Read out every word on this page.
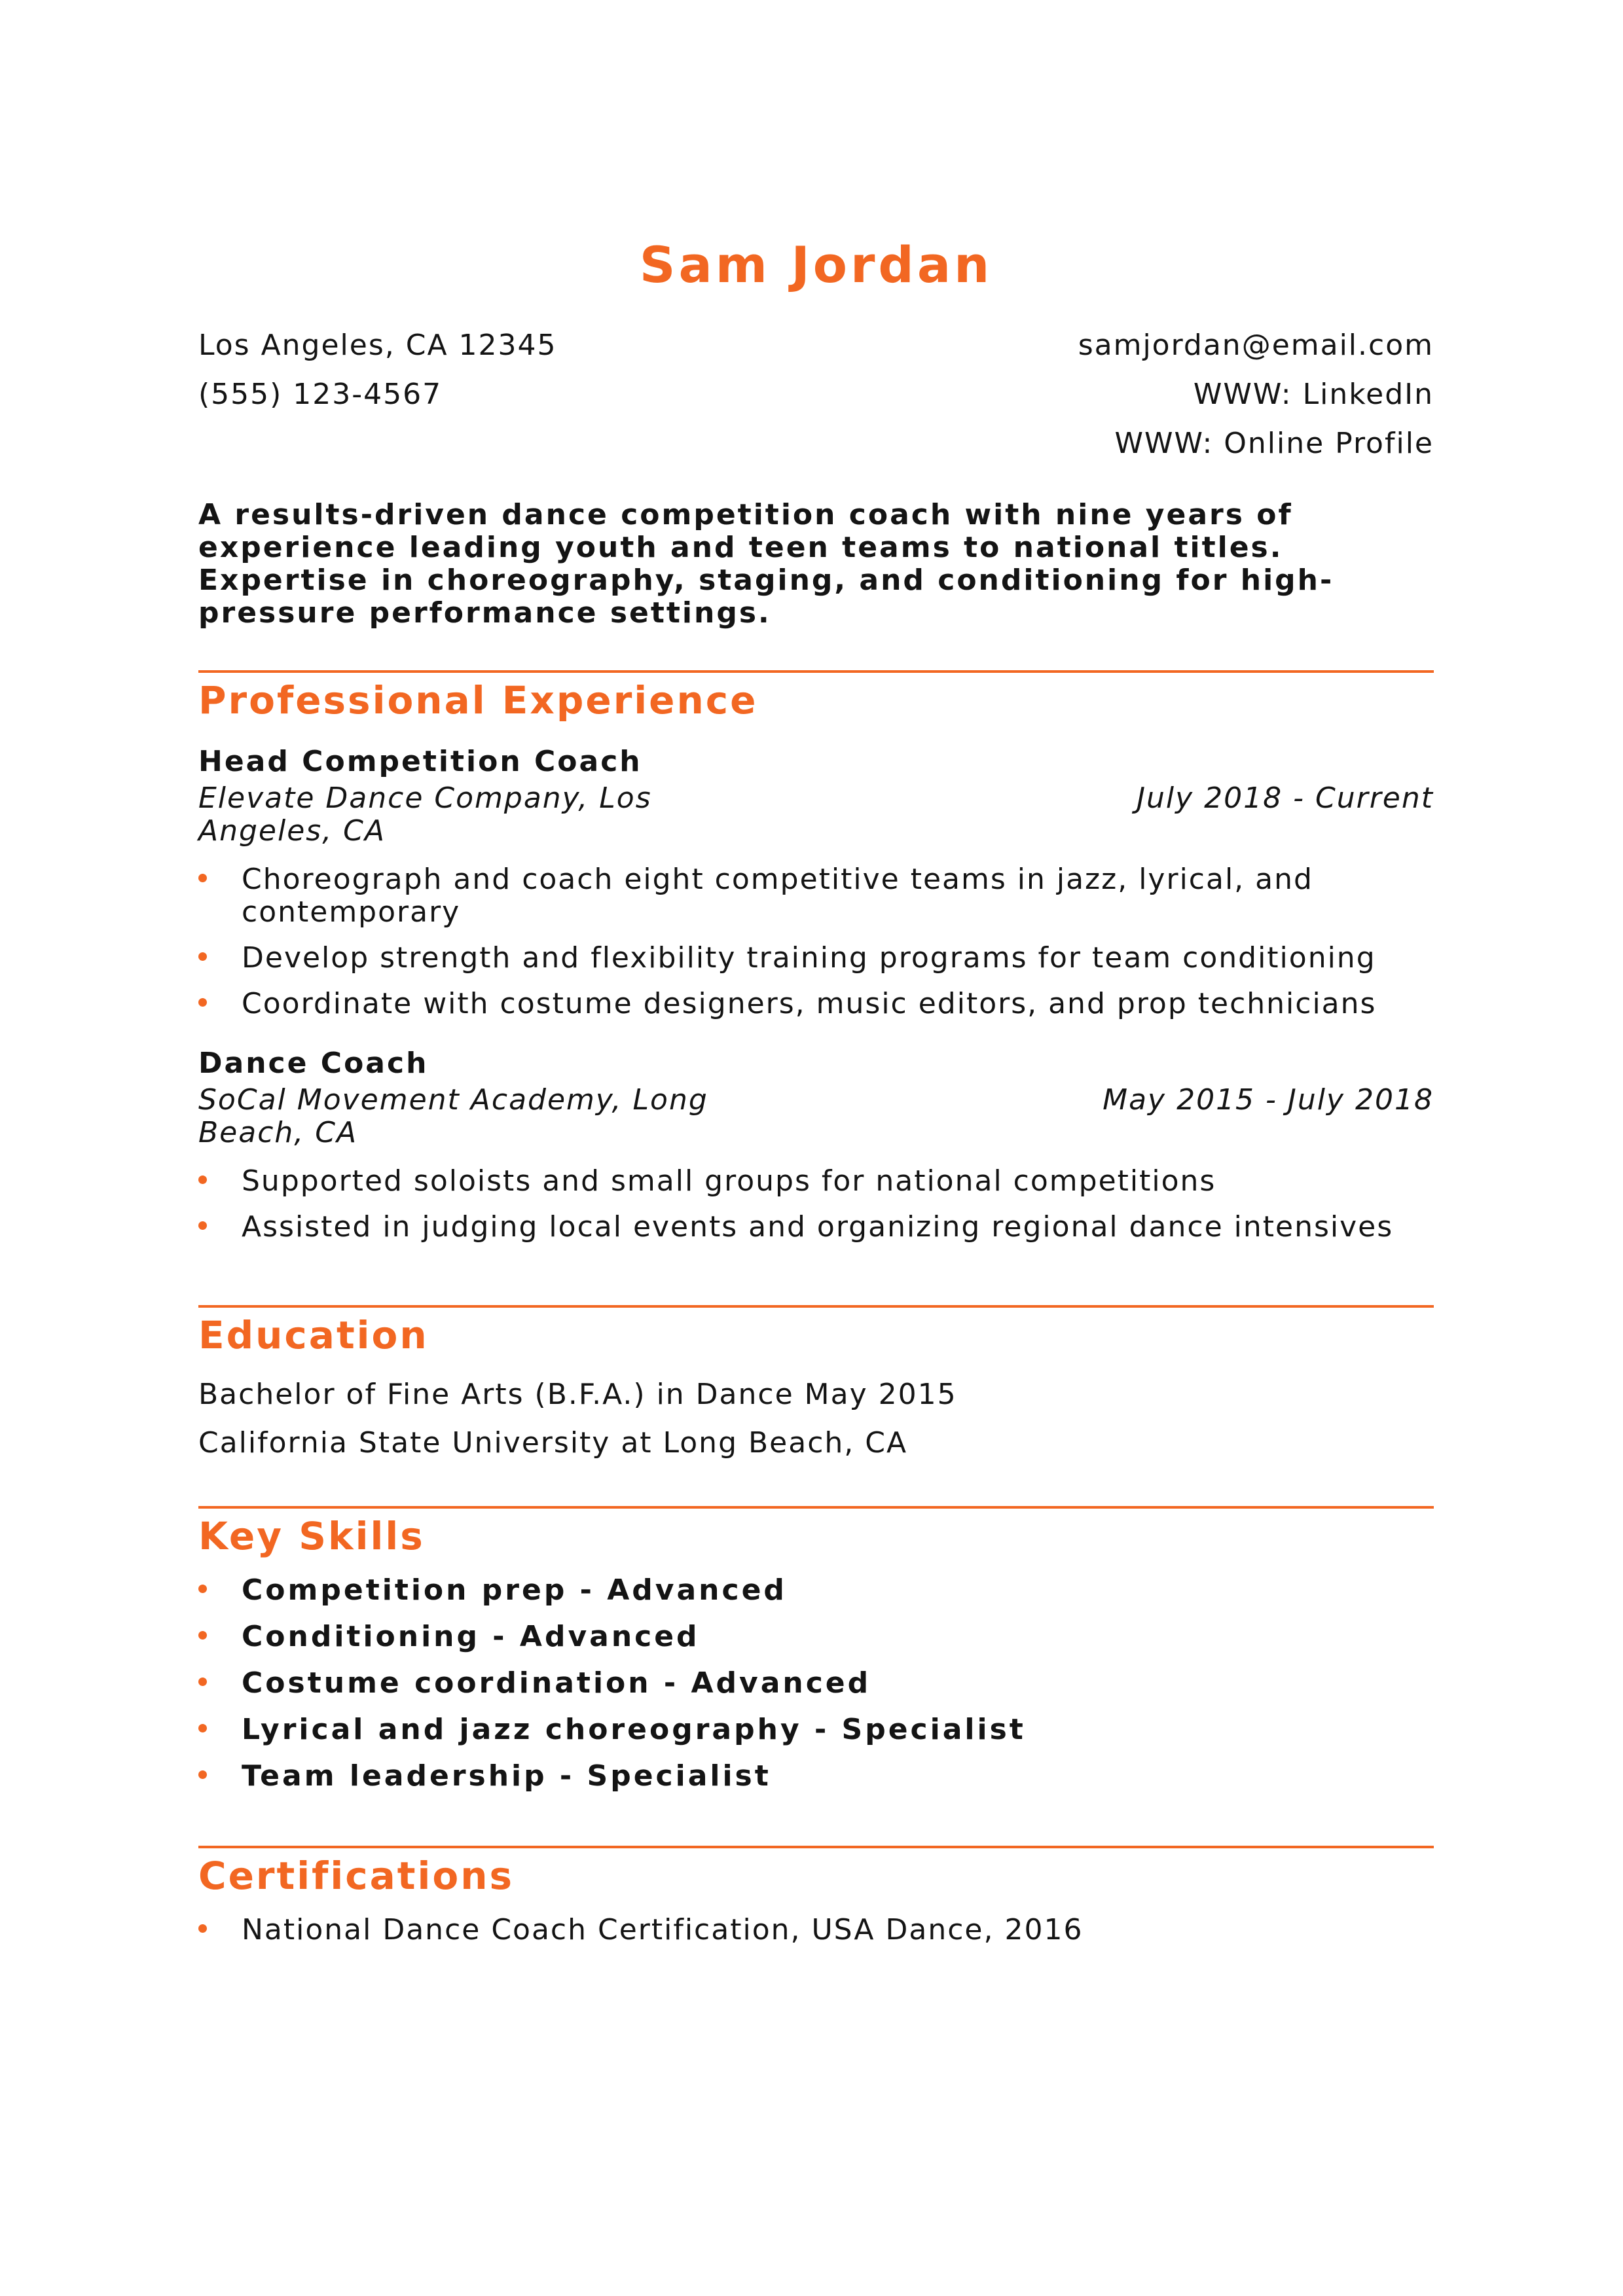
Sam Jordan
Los Angeles, CA 12345
(555) 123-4567
samjordan@email.com
WWW: LinkedIn
WWW: Online Profile
A results-driven dance competition coach with nine years of experience leading youth and teen teams to national titles. Expertise in choreography, staging, and conditioning for high-pressure performance settings.
Professional Experience
Head Competition Coach
Elevate Dance Company, Los Angeles, CA
July 2018 - Current
Choreograph and coach eight competitive teams in jazz, lyrical, and contemporary
Develop strength and flexibility training programs for team conditioning
Coordinate with costume designers, music editors, and prop technicians
Dance Coach
SoCal Movement Academy, Long Beach, CA
May 2015 - July 2018
Supported soloists and small groups for national competitions
Assisted in judging local events and organizing regional dance intensives
Education
Bachelor of Fine Arts (B.F.A.) in Dance May 2015
California State University at Long Beach, CA
Key Skills
Competition prep - Advanced
Conditioning - Advanced
Costume coordination - Advanced
Lyrical and jazz choreography - Specialist
Team leadership - Specialist
Certifications
National Dance Coach Certification, USA Dance, 2016
